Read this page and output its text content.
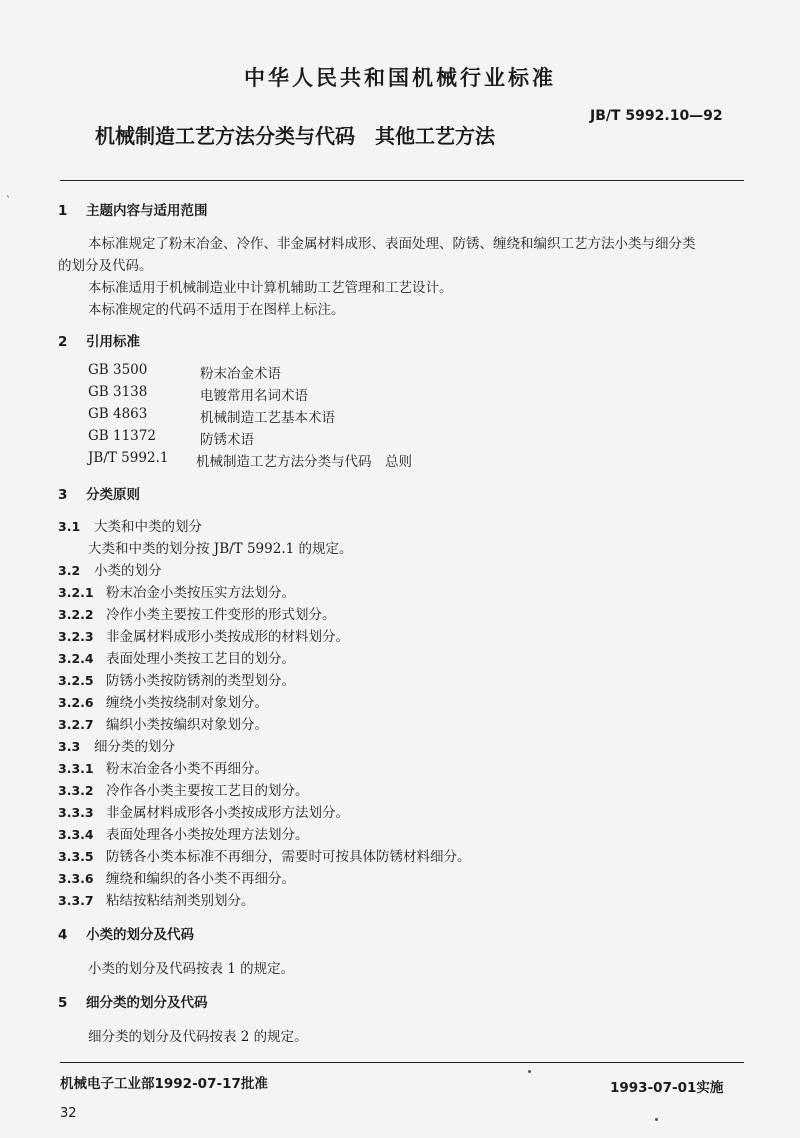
中华人民共和国机械行业标准
JB/T 5992.10—92
机械制造工艺方法分类与代码　其他工艺方法
`
1 主题内容与适用范围
本标准规定了粉末冶金、冷作、非金属材料成形、表面处理、防锈、缠绕和编织工艺方法小类与细分类
的划分及代码。
本标准适用于机械制造业中计算机辅助工艺管理和工艺设计。
本标准规定的代码不适用于在图样上标注。
2 引用标准
GB 3500	粉末冶金术语
GB 3138	电镀常用名词术语
GB 4863	机械制造工艺基本术语
GB 11372	防锈术语
JB/T 5992.1 机械制造工艺方法分类与代码　总则
3 分类原则
3.1 大类和中类的划分
大类和中类的划分按 JB/T 5992.1 的规定。
3.2 小类的划分
3.2.1 粉末冶金小类按压实方法划分。
3.2.2 冷作小类主要按工件变形的形式划分。
3.2.3 非金属材料成形小类按成形的材料划分。
3.2.4 表面处理小类按工艺目的划分。
3.2.5 防锈小类按防锈剂的类型划分。
3.2.6 缠绕小类按绕制对象划分。
3.2.7 编织小类按编织对象划分。
3.3 细分类的划分
3.3.1 粉末冶金各小类不再细分。
3.3.2 冷作各小类主要按工艺目的划分。
3.3.3 非金属材料成形各小类按成形方法划分。
3.3.4 表面处理各小类按处理方法划分。
3.3.5 防锈各小类本标准不再细分，需要时可按具体防锈材料细分。
3.3.6 缠绕和编织的各小类不再细分。
3.3.7 粘结按粘结剂类别划分。
4 小类的划分及代码
小类的划分及代码按表 1 的规定。
5 细分类的划分及代码
细分类的划分及代码按表 2 的规定。
机械电子工业部1992-07-17批准	1993-07-01实施
32
